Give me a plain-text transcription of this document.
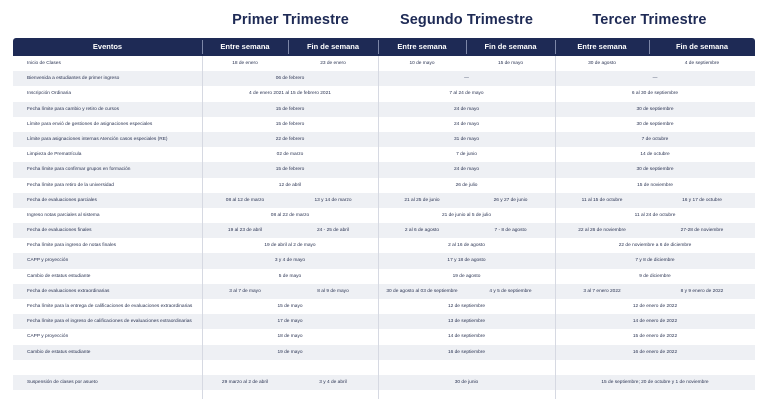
Primer Trimestre	Segundo Trimestre	Tercer Trimestre
Eventos	Entre semana	Fin de semana	Entre semana	Fin de semana	Entre semana	Fin de semana
Inicio de Clases	18 de enero	23 de enero	10 de mayo	15 de mayo	30 de agosto	4 de septiembre
Bienvenida a estudiantes de primer ingreso	06 de febrero	—	—
Inscripción Ordinaria	4 de enero 2021 al 15 de febrero 2021	7 al 24 de mayo	6 al 30 de septiembre
Fecha límite para cambio y retiro de cursos	15 de febrero	24 de mayo	30 de septiembre
Límite para envió de gestiones de asignaciones especiales	15 de febrero	24 de mayo	30 de septiembre
Límite para asignaciones internas Atención casos especiales (RE)	22 de febrero	31 de mayo	7 de octubre
Limpieza de Prematrícula	02 de marzo	7 de junio	14 de octubre
Fecha límite para confirmar grupos en formación	15 de febrero	24 de mayo	30 de septiembre
Fecha límite para retiro de la universidad	12 de abril	26 de julio	15 de noviembre
Fecha de evaluaciones parciales	08 al 12 de marzo	13 y 14 de marzo	21 al 25 de junio	26 y 27 de junio	11 al 15 de octubre	16 y 17 de octubre
Ingreso notas parciales al sistema	08 al 22 de marzo	21 de junio al 5 de julio	11 al 24 de octubre
Fecha de evaluaciones finales	19 al 23 de abril	24 - 25 de abril	2 al 6 de agosto	7 - 8 de agosto	22 al 26 de noviembre	27-28 de noviembre
Fecha límite para ingreso de notas finales	19 de abril al 2 de mayo	2 al 16 de agosto	22 de noviembre a 6 de diciembre
CAPP y proyección	3 y 4 de mayo	17 y 18 de agosto	7 y 8 de diciembre
Cambio de estatus estudiante	5 de mayo	19 de agosto	9 de diciembre
Fecha de evaluaciones extraordinarias	3 al 7 de mayo	8 al 9 de mayo	30 de agosto al 03 de septiembre	4 y 5 de septiembre	3 al 7 enero 2022	8 y 9 enero de 2022
Fecha límite para la entrega de calificaciones de evaluaciones extraordinarias	15 de mayo	12 de septiembre	12 de enero de 2022
Fecha límite para el ingreso de calificaciones de evaluaciones extraordinarias	17 de mayo	13 de septiembre	14 de enero de 2022
CAPP y proyección	18 de mayo	14 de septiembre	15 de enero de 2022
Cambio de estatus estudiante	19 de mayo	16 de septiembre	16 de enero de 2022
Suspensión de clases por asueto	29 marzo al 2 de abril	3 y 4 de abril	30 de junio	15 de septiembre; 20 de octubre y 1 de noviembre
